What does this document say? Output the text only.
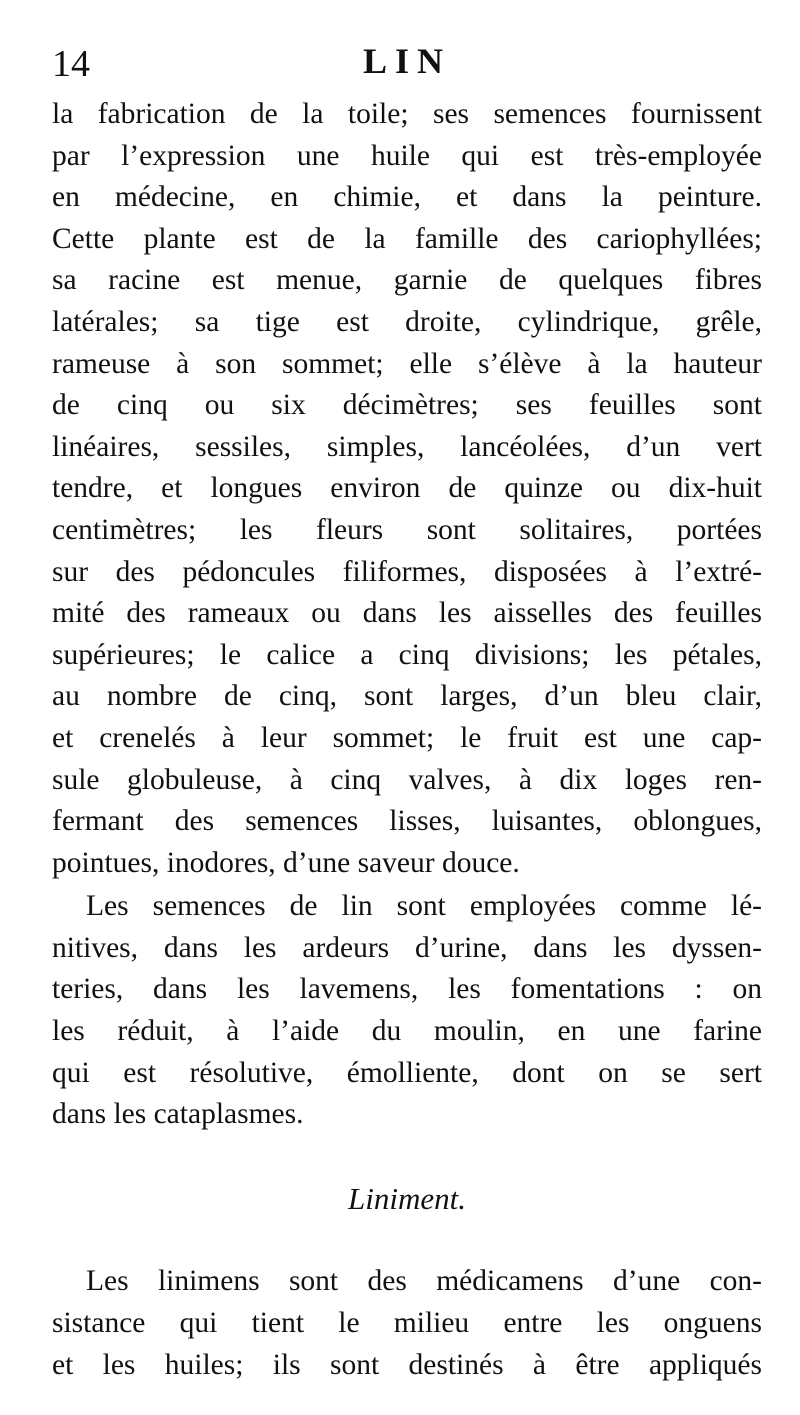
14	LIN
la fabrication de la toile; ses semences fournissent
par l’expression une huile qui est très-employée
en médecine, en chimie, et dans la peinture.
Cette plante est de la famille des cariophyllées;
sa racine est menue, garnie de quelques fibres
latérales; sa tige est droite, cylindrique, grêle,
rameuse à son sommet; elle s’élève à la hauteur
de cinq ou six décimètres; ses feuilles sont
linéaires, sessiles, simples, lancéolées, d’un vert
tendre, et longues environ de quinze ou dix-huit
centimètres; les fleurs sont solitaires, portées
sur des pédoncules filiformes, disposées à l’extré-
mité des rameaux ou dans les aisselles des feuilles
supérieures; le calice a cinq divisions; les pétales,
au nombre de cinq, sont larges, d’un bleu clair,
et crenelés à leur sommet; le fruit est une cap-
sule globuleuse, à cinq valves, à dix loges ren-
fermant des semences lisses, luisantes, oblongues,
pointues, inodores, d’une saveur douce.
Les semences de lin sont employées comme lé-
nitives, dans les ardeurs d’urine, dans les dyssen-
teries, dans les lavemens, les fomentations : on
les réduit, à l’aide du moulin, en une farine
qui est résolutive, émolliente, dont on se sert
dans les cataplasmes.
Liniment.
Les linimens sont des médicamens d’une con-
sistance qui tient le milieu entre les onguens
et les huiles; ils sont destinés à être appliqués
